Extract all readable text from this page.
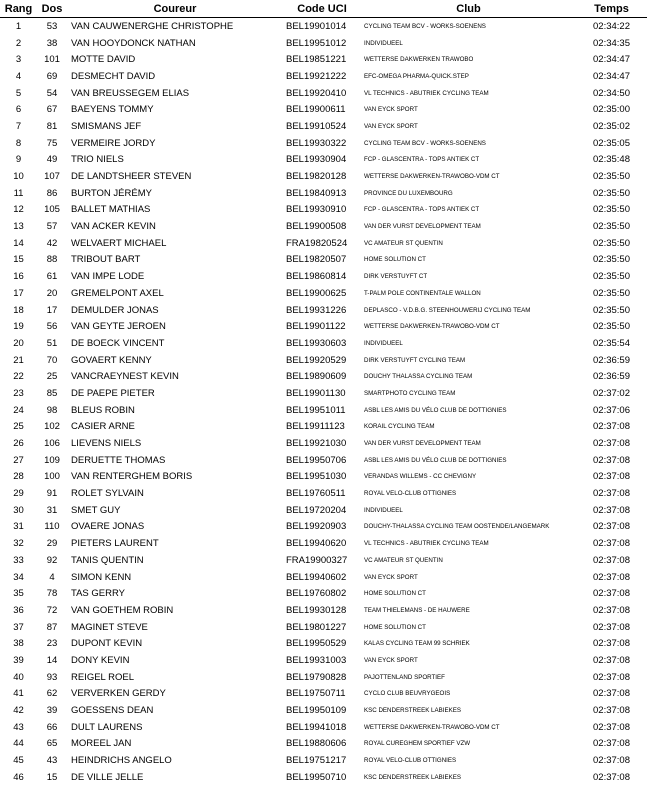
Rang	Dos	Coureur	Code UCI	Club	Temps
1	53	VAN CAUWENERGHE CHRISTOPHE	BEL19901014	CYCLING TEAM BCV - WORKS-SOENENS	02:34:22
2	38	VAN HOOYDONCK NATHAN	BEL19951012	INDIVIDUEEL	02:34:35
3	101	MOTTE DAVID	BEL19851221	WETTERSE DAKWERKEN TRAWOBO	02:34:47
4	69	DESMECHT DAVID	BEL19921222	EFC-OMEGA PHARMA-QUICK.STEP	02:34:47
5	54	VAN BREUSSEGEM ELIAS	BEL19920410	VL TECHNICS - ABUTRIEK CYCLING TEAM	02:34:50
6	67	BAEYENS TOMMY	BEL19900611	VAN EYCK SPORT	02:35:00
7	81	SMISMANS JEF	BEL19910524	VAN EYCK SPORT	02:35:02
8	75	VERMEIRE JORDY	BEL19930322	CYCLING TEAM BCV - WORKS-SOENENS	02:35:05
9	49	TRIO NIELS	BEL19930904	FCP - GLASCENTRA - TOPS ANTIEK CT	02:35:48
10	107	DE LANDTSHEER STEVEN	BEL19820128	WETTERSE DAKWERKEN-TRAWOBO-VDM CT	02:35:50
11	86	BURTON JÉRÉMY	BEL19840913	PROVINCE DU LUXEMBOURG	02:35:50
12	105	BALLET MATHIAS	BEL19930910	FCP - GLASCENTRA - TOPS ANTIEK CT	02:35:50
13	57	VAN ACKER KEVIN	BEL19900508	VAN DER VURST DEVELOPMENT TEAM	02:35:50
14	42	WELVAERT MICHAEL	FRA19820524	VC AMATEUR ST QUENTIN	02:35:50
15	88	TRIBOUT BART	BEL19820507	HOME SOLUTION CT	02:35:50
16	61	VAN IMPE LODE	BEL19860814	DIRK VERSTUYFT CT	02:35:50
17	20	GREMELPONT AXEL	BEL19900625	T-PALM POLE CONTINENTALE WALLON	02:35:50
18	17	DEMULDER JONAS	BEL19931226	DEPLASCO - V.D.B.G. STEENHOUWERIJ CYCLING TEAM	02:35:50
19	56	VAN GEYTE JEROEN	BEL19901122	WETTERSE DAKWERKEN-TRAWOBO-VDM CT	02:35:50
20	51	DE BOECK VINCENT	BEL19930603	INDIVIDUEEL	02:35:54
21	70	GOVAERT KENNY	BEL19920529	DIRK VERSTUYFT CYCLING TEAM	02:36:59
22	25	VANCRAEYNEST KEVIN	BEL19890609	DOUCHY THALASSA CYCLING TEAM	02:36:59
23	85	DE PAEPE PIETER	BEL19901130	SMARTPHOTO CYCLING TEAM	02:37:02
24	98	BLEUS ROBIN	BEL19951011	ASBL LES AMIS DU VÉLO CLUB DE DOTTIGNIES	02:37:06
25	102	CASIER ARNE	BEL19911123	KORAIL CYCLING TEAM	02:37:08
26	106	LIEVENS NIELS	BEL19921030	VAN DER VURST DEVELOPMENT TEAM	02:37:08
27	109	DERUETTE THOMAS	BEL19950706	ASBL LES AMIS DU VÉLO CLUB DE DOTTIGNIES	02:37:08
28	100	VAN RENTERGHEM BORIS	BEL19951030	VERANDAS WILLEMS - CC CHEVIGNY	02:37:08
29	91	ROLET SYLVAIN	BEL19760511	ROYAL VELO-CLUB OTTIGNIES	02:37:08
30	31	SMET GUY	BEL19720204	INDIVIDUEEL	02:37:08
31	110	OVAERE JONAS	BEL19920903	DOUCHY-THALASSA CYCLING TEAM OOSTENDE/LANGEMARK	02:37:08
32	29	PIETERS LAURENT	BEL19940620	VL TECHNICS - ABUTRIEK CYCLING TEAM	02:37:08
33	92	TANIS QUENTIN	FRA19900327	VC AMATEUR ST QUENTIN	02:37:08
34	4	SIMON KENN	BEL19940602	VAN EYCK SPORT	02:37:08
35	78	TAS GERRY	BEL19760802	HOME SOLUTION CT	02:37:08
36	72	VAN GOETHEM ROBIN	BEL19930128	TEAM THIELEMANS - DE HAUWERE	02:37:08
37	87	MAGINET STEVE	BEL19801227	HOME SOLUTION CT	02:37:08
38	23	DUPONT KEVIN	BEL19950529	KALAS CYCLING TEAM 99 SCHRIEK	02:37:08
39	14	DONY KEVIN	BEL19931003	VAN EYCK SPORT	02:37:08
40	93	REIGEL ROEL	BEL19790828	PAJOTTENLAND SPORTIEF	02:37:08
41	62	VERVERKEN GERDY	BEL19750711	CYCLO CLUB BEUVRYGEOIS	02:37:08
42	39	GOESSENS DEAN	BEL19950109	KSC DENDERSTREEK LABIEKES	02:37:08
43	66	DULT LAURENS	BEL19941018	WETTERSE DAKWERKEN-TRAWOBO-VDM CT	02:37:08
44	65	MOREEL JAN	BEL19880606	ROYAL CUREGHEM SPORTIEF VZW	02:37:08
45	43	HEINDRICHS ANGELO	BEL19751217	ROYAL VELO-CLUB OTTIGNIES	02:37:08
46	15	DE VILLE JELLE	BEL19950710	KSC DENDERSTREEK LABIEKES	02:37:08
